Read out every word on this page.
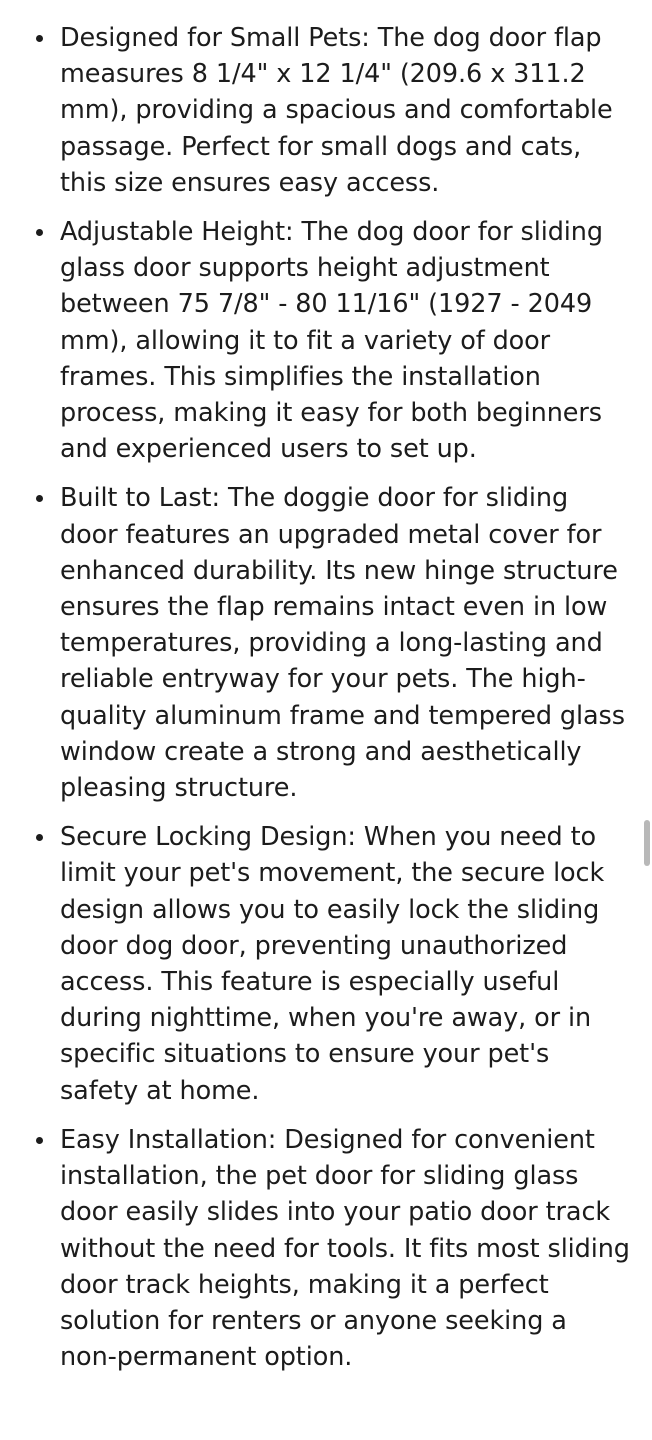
Designed for Small Pets: The dog door flap measures 8 1/4" x 12 1/4" (209.6 x 311.2 mm), providing a spacious and comfortable passage. Perfect for small dogs and cats, this size ensures easy access.
Adjustable Height: The dog door for sliding glass door supports height adjustment between 75 7/8" - 80 11/16" (1927 - 2049 mm), allowing it to fit a variety of door frames. This simplifies the installation process, making it easy for both beginners and experienced users to set up.
Built to Last: The doggie door for sliding door features an upgraded metal cover for enhanced durability. Its new hinge structure ensures the flap remains intact even in low temperatures, providing a long-lasting and reliable entryway for your pets. The high-quality aluminum frame and tempered glass window create a strong and aesthetically pleasing structure.
Secure Locking Design: When you need to limit your pet's movement, the secure lock design allows you to easily lock the sliding door dog door, preventing unauthorized access. This feature is especially useful during nighttime, when you're away, or in specific situations to ensure your pet's safety at home.
Easy Installation: Designed for convenient installation, the pet door for sliding glass door easily slides into your patio door track without the need for tools. It fits most sliding door track heights, making it a perfect solution for renters or anyone seeking a non-permanent option.
